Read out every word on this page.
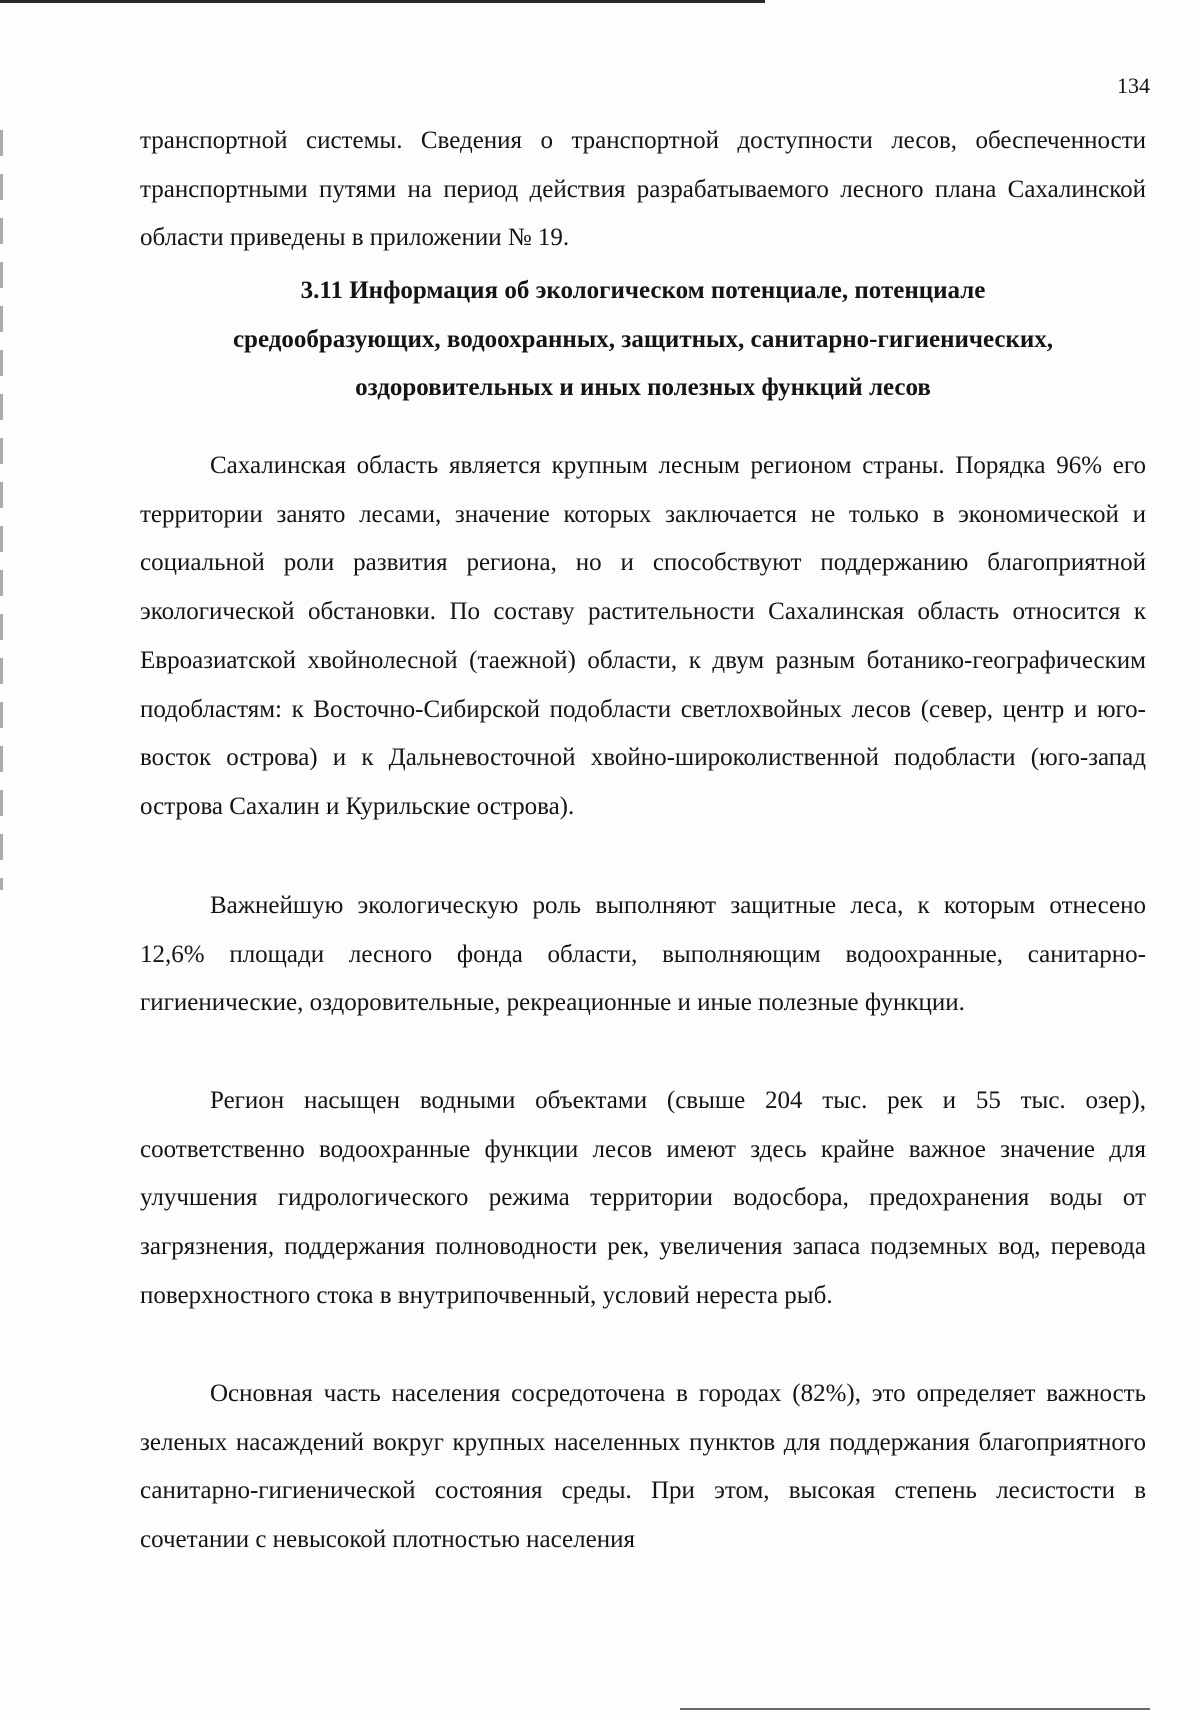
134

транспортной системы. Сведения о транспортной доступности лесов, обеспеченности транспортными путями на период действия разрабатываемого лесного плана Сахалинской области приведены в приложении № 19.

3.11 Информация об экологическом потенциале, потенциале
средообразующих, водоохранных, защитных, санитарно-гигиенических,
оздоровительных и иных полезных функций лесов

Сахалинская область является крупным лесным регионом страны. Порядка 96% его территории занято лесами, значение которых заключается не только в экономической и социальной роли развития региона, но и способствуют поддержанию благоприятной экологической обстановки. По составу растительности Сахалинская область относится к Евроазиатской хвойнолесной (таежной) области, к двум разным ботанико-географическим подобластям: к Восточно-Сибирской подобласти светлохвойных лесов (север, центр и юго-восток острова) и к Дальневосточной хвойно-широколиственной подобласти (юго-запад острова Сахалин и Курильские острова).

Важнейшую экологическую роль выполняют защитные леса, к которым отнесено 12,6% площади лесного фонда области, выполняющим водоохранные, санитарно-гигиенические, оздоровительные, рекреационные и иные полезные функции.

Регион насыщен водными объектами (свыше 204 тыс. рек и 55 тыс. озер), соответственно водоохранные функции лесов имеют здесь крайне важное значение для улучшения гидрологического режима территории водосбора, предохранения воды от загрязнения, поддержания полноводности рек, увеличения запаса подземных вод, перевода поверхностного стока в внутрипочвенный, условий нереста рыб.

Основная часть населения сосредоточена в городах (82%), это определяет важность зеленых насаждений вокруг крупных населенных пунктов для поддержания благоприятного санитарно-гигиенической состояния среды. При этом, высокая степень лесистости в сочетании с невысокой плотностью населения
